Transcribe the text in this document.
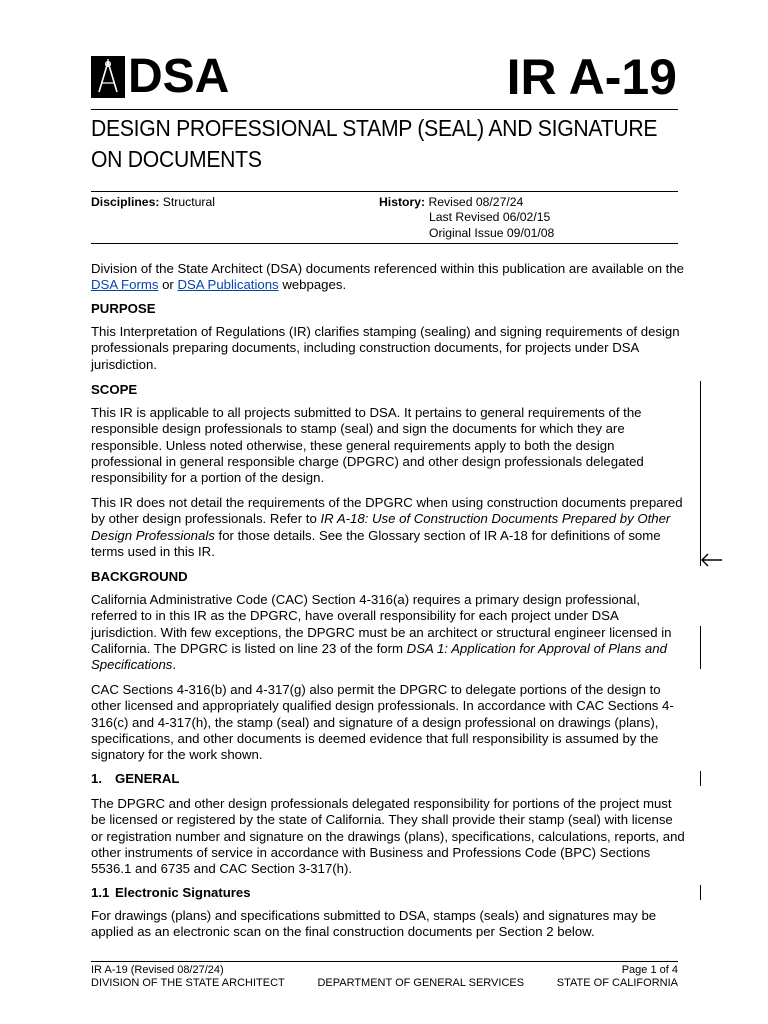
DSA	IR A-19
DESIGN PROFESSIONAL STAMP (SEAL) AND SIGNATURE
ON DOCUMENTS
Disciplines: Structural	History: Revised 08/27/24
Last Revised 06/02/15
Original Issue 09/01/08

Division of the State Architect (DSA) documents referenced within this publication are available on the DSA Forms or DSA Publications webpages.

PURPOSE
This Interpretation of Regulations (IR) clarifies stamping (sealing) and signing requirements of design professionals preparing documents, including construction documents, for projects under DSA jurisdiction.
SCOPE
This IR is applicable to all projects submitted to DSA. It pertains to general requirements of the responsible design professionals to stamp (seal) and sign the documents for which they are responsible. Unless noted otherwise, these general requirements apply to both the design professional in general responsible charge (DPGRC) and other design professionals delegated responsibility for a portion of the design.

This IR does not detail the requirements of the DPGRC when using construction documents prepared by other design professionals. Refer to IR A-18: Use of Construction Documents Prepared by Other Design Professionals for those details. See the Glossary section of IR A-18 for definitions of some terms used in this IR.

BACKGROUND

California Administrative Code (CAC) Section 4-316(a) requires a primary design professional, referred to in this IR as the DPGRC, have overall responsibility for each project under DSA jurisdiction. With few exceptions, the DPGRC must be an architect or structural engineer licensed in California. The DPGRC is listed on line 23 of the form DSA 1: Application for Approval of Plans and Specifications.

CAC Sections 4-316(b) and 4-317(g) also permit the DPGRC to delegate portions of the design to other licensed and appropriately qualified design professionals. In accordance with CAC Sections 4-316(c) and 4-317(h), the stamp (seal) and signature of a design professional on drawings (plans), specifications, and other documents is deemed evidence that full responsibility is assumed by the signatory for the work shown.
1. GENERAL
The DPGRC and other design professionals delegated responsibility for portions of the project must be licensed or registered by the state of California. They shall provide their stamp (seal) with license or registration number and signature on the drawings (plans), specifications, calculations, reports, and other instruments of service in accordance with Business and Professions Code (BPC) Sections 5536.1 and 6735 and CAC Section 3-317(h).
1.1 Electronic Signatures
For drawings (plans) and specifications submitted to DSA, stamps (seals) and signatures may be applied as an electronic scan on the final construction documents per Section 2 below.
IR A-19 (Revised 08/27/24)	Page 1 of 4
DIVISION OF THE STATE ARCHITECT	DEPARTMENT OF GENERAL SERVICES	STATE OF CALIFORNIA
